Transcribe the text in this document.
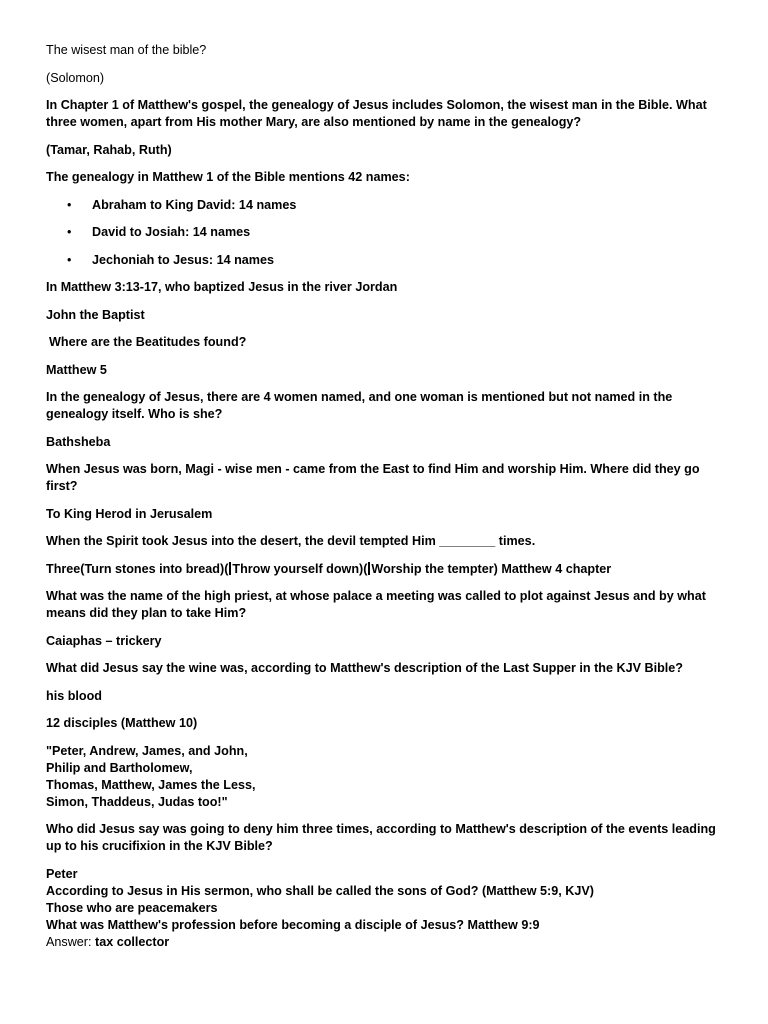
The wisest man of the bible?

(Solomon)

In Chapter 1 of Matthew's gospel, the genealogy of Jesus includes Solomon, the wisest man in the Bible. What three women, apart from His mother Mary, are also mentioned by name in the genealogy?

(Tamar, Rahab, Ruth)

The genealogy in Matthew 1 of the Bible mentions 42 names:

• Abraham to King David: 14 names
• David to Josiah: 14 names
• Jechoniah to Jesus: 14 names

In Matthew 3:13-17, who baptized Jesus in the river Jordan

John the Baptist

Where are the Beatitudes found?

Matthew 5

In the genealogy of Jesus, there are 4 women named, and one woman is mentioned but not named in the genealogy itself. Who is she?

Bathsheba

When Jesus was born, Magi - wise men - came from the East to find Him and worship Him. Where did they go first?

To King Herod in Jerusalem

When the Spirit took Jesus into the desert, the devil tempted Him ________ times.

Three(Turn stones into bread)( Throw yourself down)( Worship the tempter) Matthew 4 chapter

What was the name of the high priest, at whose palace a meeting was called to plot against Jesus and by what means did they plan to take Him?

Caiaphas – trickery

What did Jesus say the wine was, according to Matthew's description of the Last Supper in the KJV Bible?

his blood

12 disciples (Matthew 10)

"Peter, Andrew, James, and John,
Philip and Bartholomew,
Thomas, Matthew, James the Less,
Simon, Thaddeus, Judas too!"

Who did Jesus say was going to deny him three times, according to Matthew's description of the events leading up to his crucifixion in the KJV Bible?

Peter

According to Jesus in His sermon, who shall be called the sons of God? (Matthew 5:9, KJV)

Those who are peacemakers

What was Matthew's profession before becoming a disciple of Jesus? Matthew 9:9

Answer: tax collector
